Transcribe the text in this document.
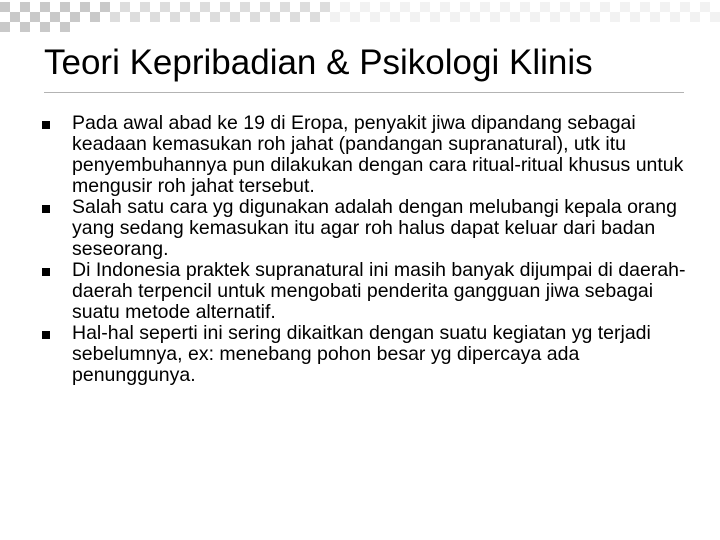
Teori Kepribadian & Psikologi Klinis
Pada awal abad ke 19 di Eropa, penyakit jiwa dipandang sebagai keadaan kemasukan roh jahat (pandangan supranatural), utk itu penyembuhannya pun dilakukan dengan cara ritual-ritual khusus untuk mengusir roh jahat tersebut.
Salah satu cara yg digunakan adalah dengan melubangi kepala orang yang sedang kemasukan itu agar roh halus dapat keluar dari badan seseorang.
Di Indonesia praktek supranatural ini masih banyak dijumpai di daerah-daerah terpencil untuk mengobati penderita gangguan jiwa sebagai suatu metode alternatif.
Hal-hal seperti ini sering dikaitkan dengan suatu kegiatan yg terjadi sebelumnya, ex: menebang pohon besar yg dipercaya ada penunggunya.
